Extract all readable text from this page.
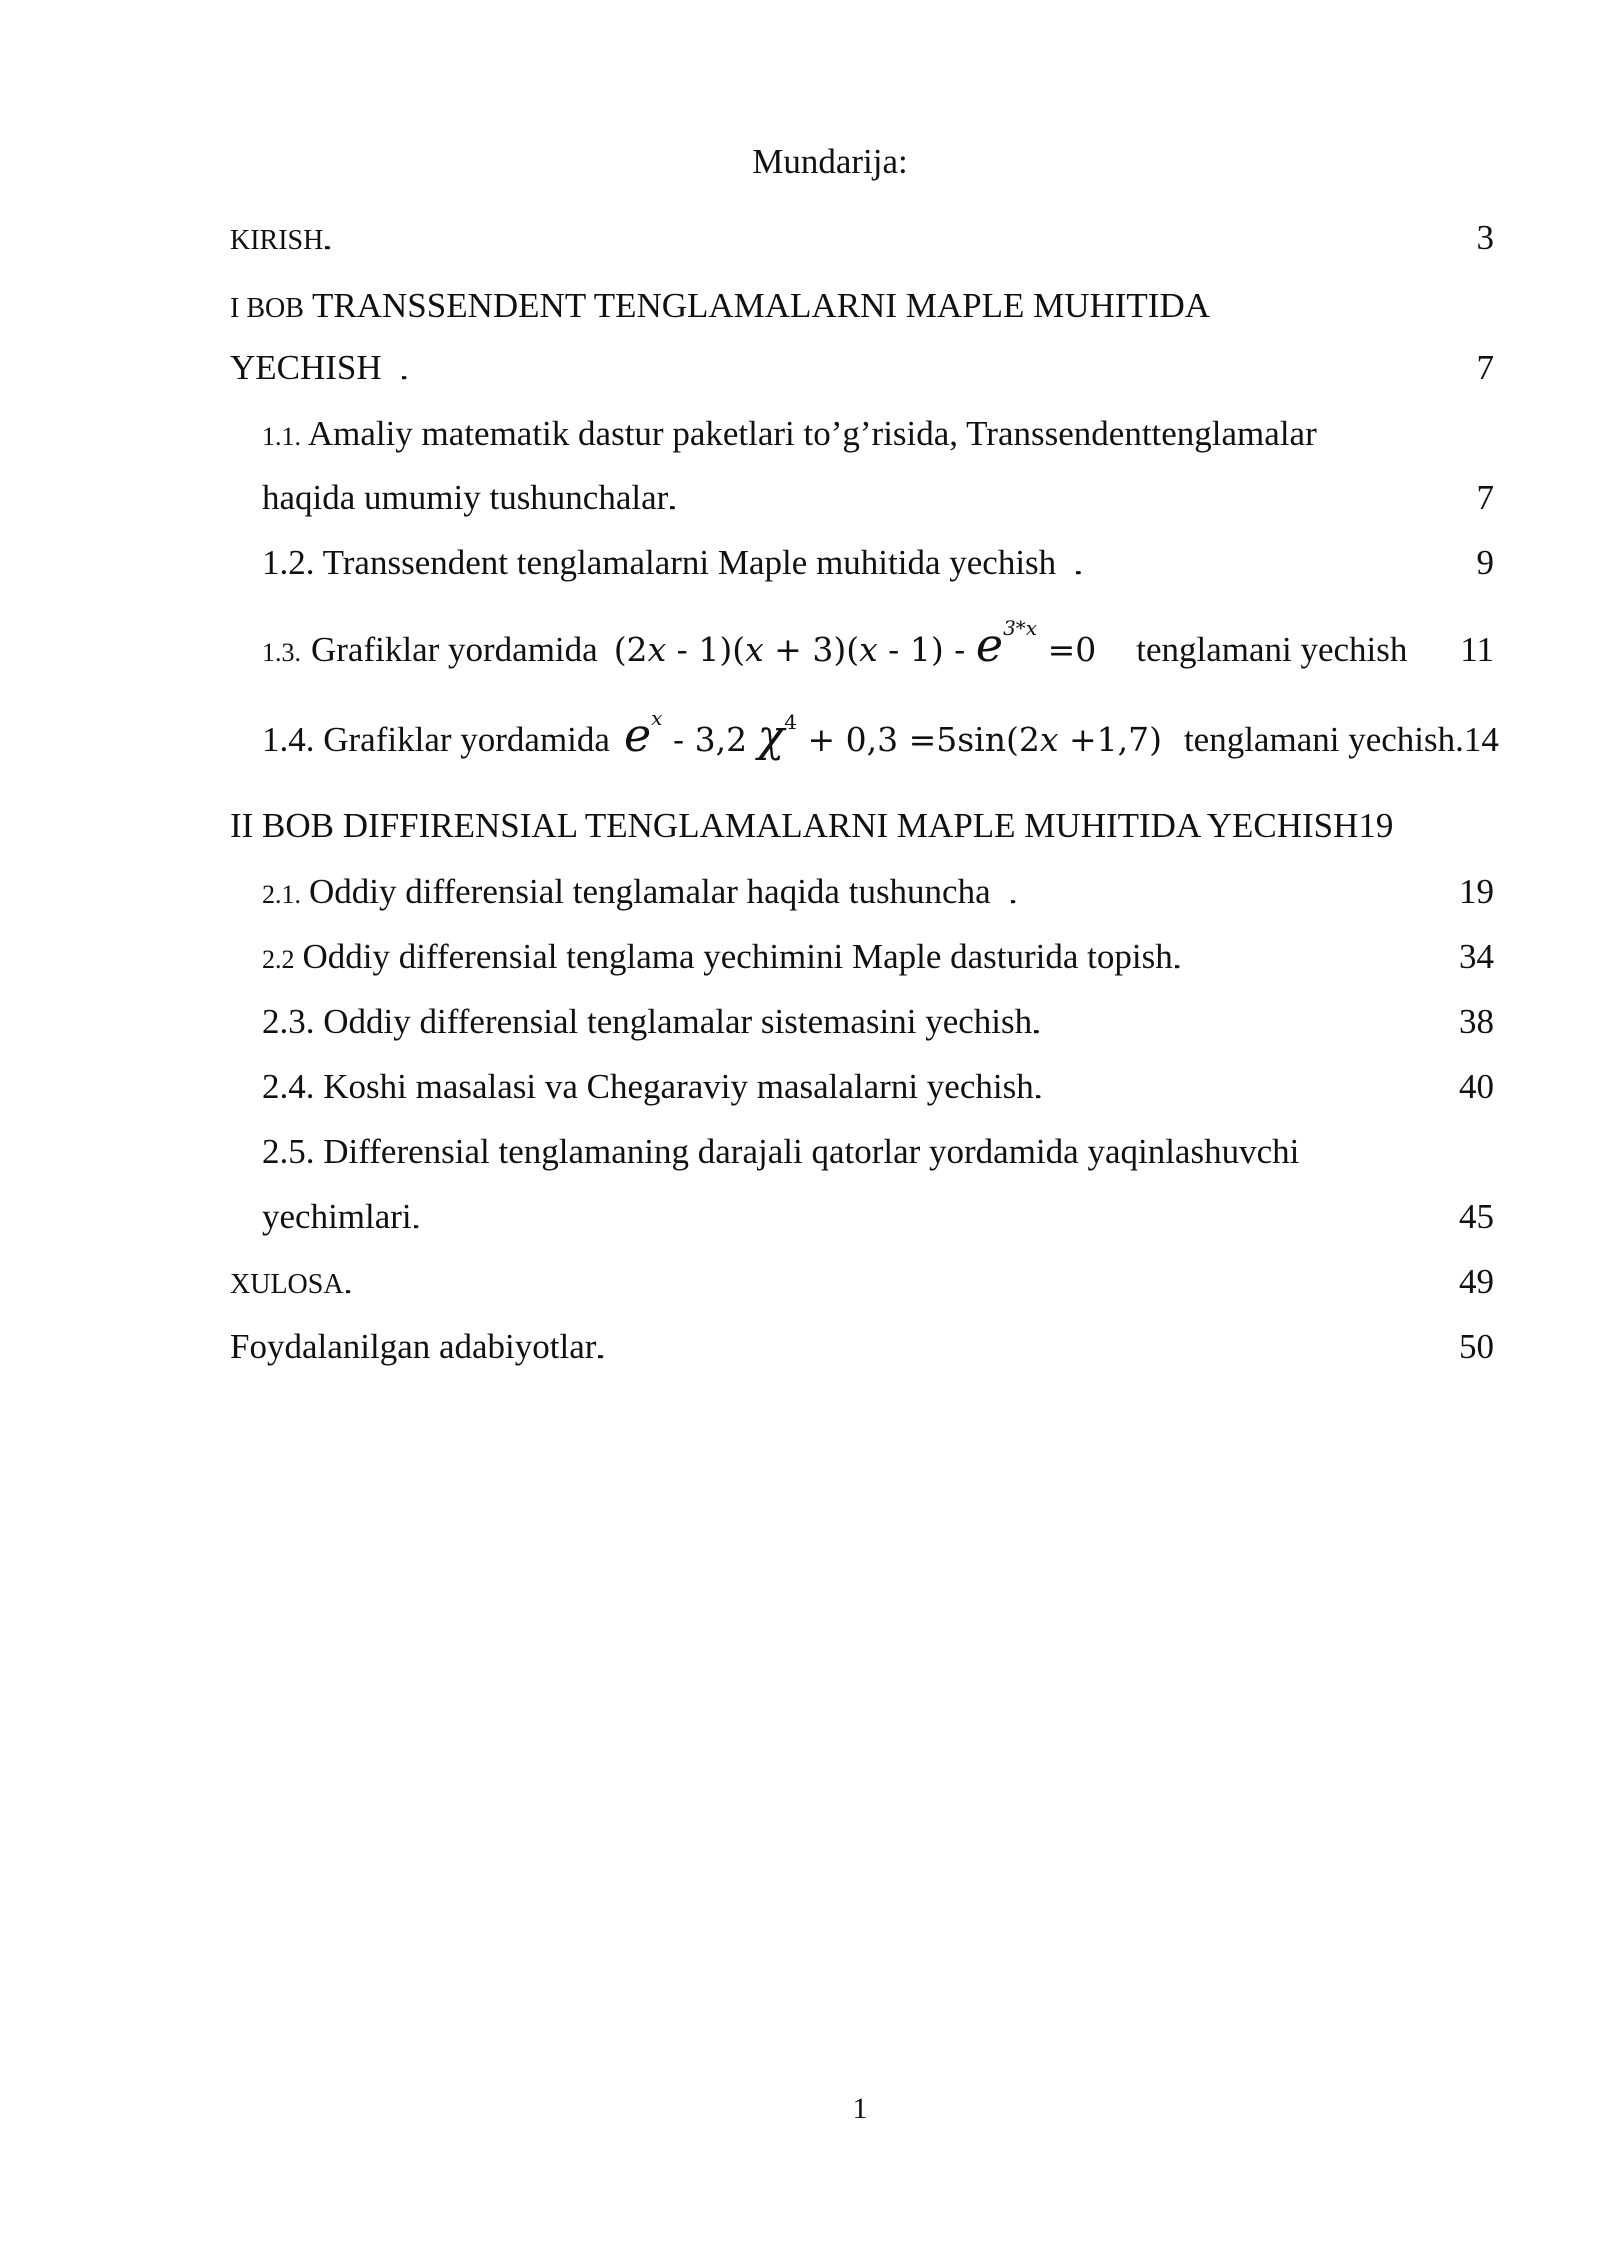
Mundarija:
KIRISH . . .	3
I BOB TRANSSENDENT TENGLAMALARNI MAPLE MUHITIDA
YECHISH . . .	7
1.1. Amaliy matematik dastur paketlari to’g’risida, Transsendenttenglamalar
haqida umumiy tushunchalar . . .	7
1.2. Transsendent tenglamalarni Maple muhitida yechish . . .	9
1.3. Grafiklar yordamida $(2x - 1)(x + 3)(x - 1) - e^{3*x} =0$ tenglamani yechish 11
1.4. Grafiklar yordamida $e^x - 3,2$ $\chi^4 + 0,3 =5\sin(2x +1,7)$ tenglamani yechish. 14
II BOB DIFFIRENSIAL TENGLAMALARNI MAPLE MUHITIDA YECHISH 19
2.1. Oddiy differensial tenglamalar haqida tushuncha . . .	19
2.2 Oddiy differensial tenglama yechimini Maple dasturida topish . . .	34
2.3. Oddiy differensial tenglamalar sistemasini yechish . . .	38
2.4. Koshi masalasi va Chegaraviy masalalarni yechish . . .	40
2.5. Differensial tenglamaning darajali qatorlar yordamida yaqinlashuvchi
yechimlari . . .	45
XULOSA . . .	49
Foydalanilgan adabiyotlar . . .	50
1
